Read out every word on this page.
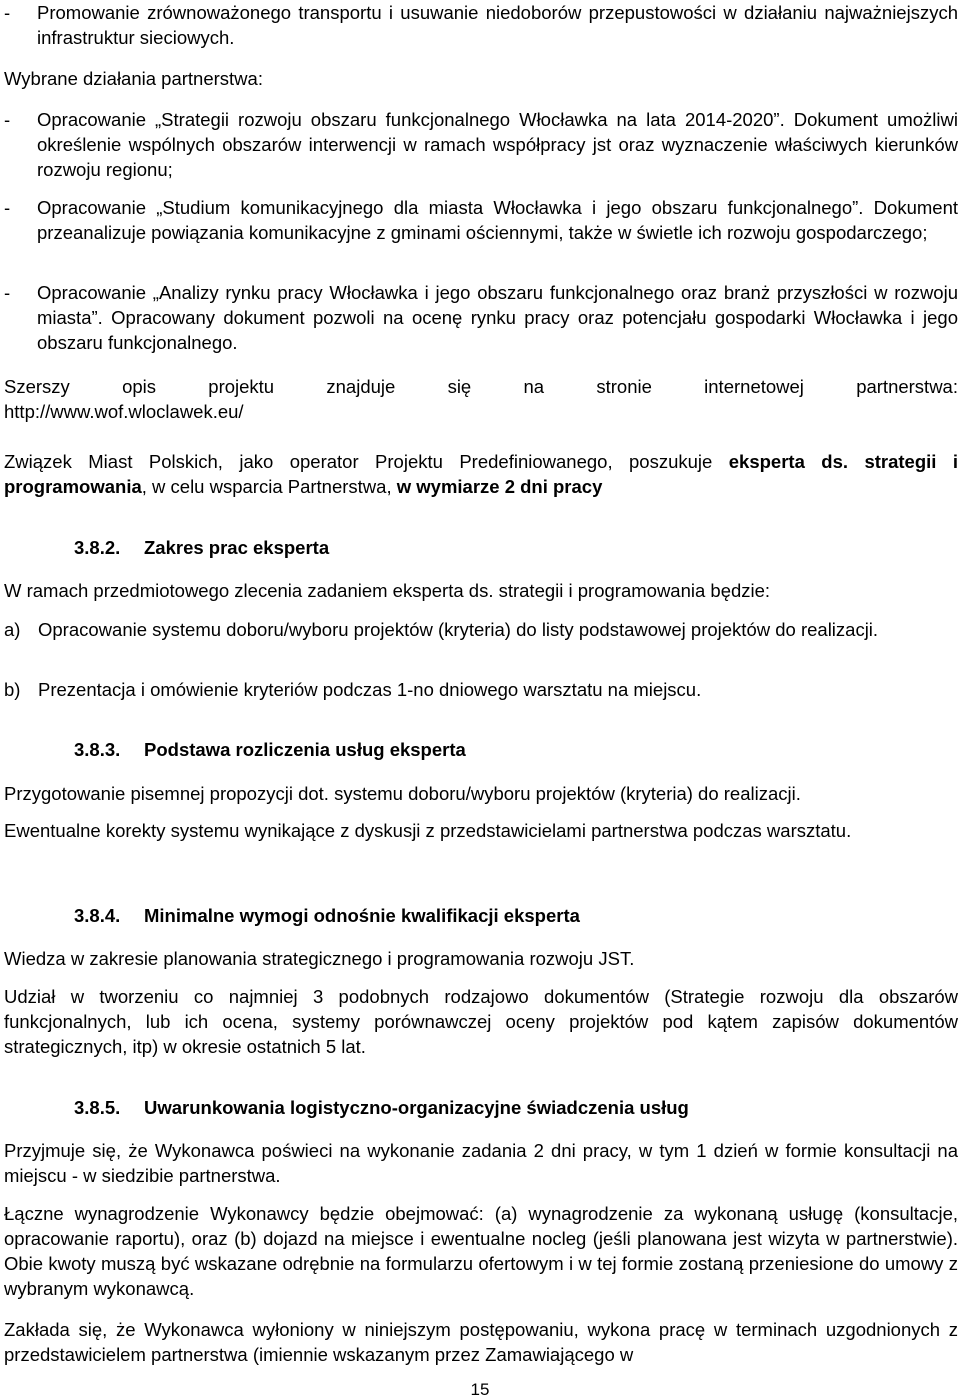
-	Promowanie zrównoważonego transportu i usuwanie niedoborów przepustowości w działaniu najważniejszych infrastruktur sieciowych.

Wybrane działania partnerstwa:

-	Opracowanie „Strategii rozwoju obszaru funkcjonalnego Włocławka na lata 2014-2020”. Dokument umożliwi określenie wspólnych obszarów interwencji w ramach współpracy jst oraz wyznaczenie właściwych kierunków rozwoju regionu;

-	Opracowanie „Studium komunikacyjnego dla miasta Włocławka i jego obszaru funkcjonalnego”. Dokument przeanalizuje powiązania komunikacyjne z gminami ościennymi, także w świetle ich rozwoju gospodarczego;

-	Opracowanie „Analizy rynku pracy Włocławka i jego obszaru funkcjonalnego oraz branż przyszłości w rozwoju miasta”. Opracowany dokument pozwoli na ocenę rynku pracy oraz potencjału gospodarki Włocławka i jego obszaru funkcjonalnego.

Szerszy opis projektu znajduje się na stronie internetowej partnerstwa:

http://www.wof.wloclawek.eu/

Związek Miast Polskich, jako operator Projektu Predefiniowanego, poszukuje eksperta ds. strategii i programowania, w celu wsparcia Partnerstwa, w wymiarze 2 dni pracy

3.8.2.	Zakres prac eksperta

W ramach przedmiotowego zlecenia zadaniem eksperta ds. strategii i programowania będzie:

a) Opracowanie systemu doboru/wyboru projektów (kryteria) do listy podstawowej projektów do realizacji.

b) Prezentacja i omówienie kryteriów podczas 1-no dniowego warsztatu na miejscu.

3.8.3.	Podstawa rozliczenia usług eksperta

Przygotowanie pisemnej propozycji dot. systemu doboru/wyboru projektów (kryteria) do realizacji.

Ewentualne korekty systemu wynikające z dyskusji z przedstawicielami partnerstwa podczas warsztatu.

3.8.4.	Minimalne wymogi odnośnie kwalifikacji eksperta

Wiedza w zakresie planowania strategicznego i programowania rozwoju JST.

Udział w tworzeniu co najmniej 3 podobnych rodzajowo dokumentów (Strategie rozwoju dla obszarów funkcjonalnych, lub ich ocena, systemy porównawczej oceny projektów pod kątem zapisów dokumentów strategicznych, itp) w okresie ostatnich 5 lat.

3.8.5.	Uwarunkowania logistyczno-organizacyjne świadczenia usług

Przyjmuje się, że Wykonawca poświeci na wykonanie zadania 2 dni pracy, w tym 1 dzień w formie konsultacji na miejscu ‑ w siedzibie partnerstwa.

Łączne wynagrodzenie Wykonawcy będzie obejmować: (a) wynagrodzenie za wykonaną usługę (konsultacje, opracowanie raportu), oraz (b) dojazd na miejsce i ewentualne nocleg (jeśli planowana jest wizyta w partnerstwie). Obie kwoty muszą być wskazane odrębnie na formularzu ofertowym i w tej formie zostaną przeniesione do umowy z wybranym wykonawcą.

Zakłada się, że Wykonawca wyłoniony w niniejszym postępowaniu, wykona pracę w terminach uzgodnionych z przedstawicielem partnerstwa (imiennie wskazanym przez Zamawiającego w

15
